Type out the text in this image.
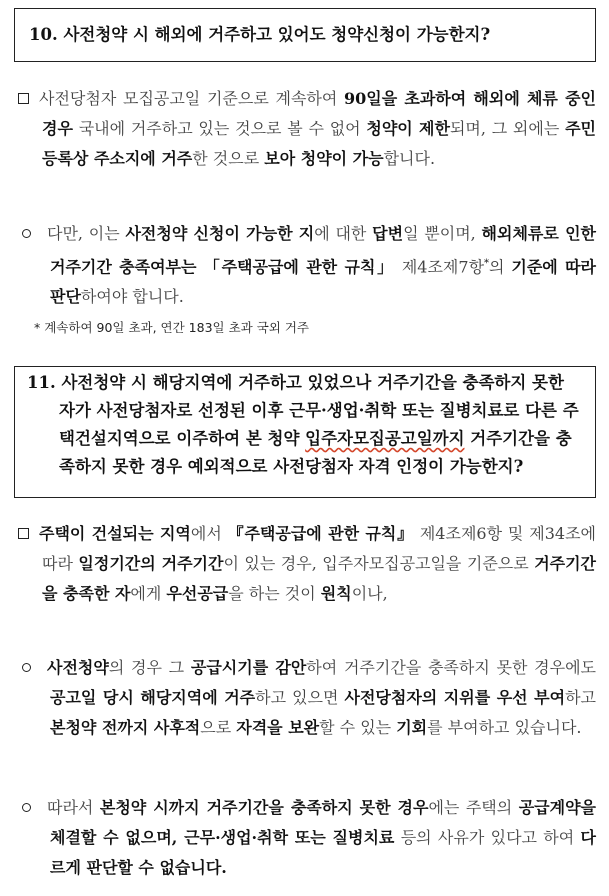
10. 사전청약 시 해외에 거주하고 있어도 청약신청이 가능한지?
사전당첨자 모집공고일 기준으로 계속하여 90일을 초과하여 해외에 체류 중인 경우 국내에 거주하고 있는 것으로 볼 수 없어 청약이 제한되며, 그 외에는 주민등록상 주소지에 거주한 것으로 보아 청약이 가능합니다.
다만, 이는 사전청약 신청이 가능한 지에 대한 답변일 뿐이며, 해외체류로 인한 거주기간 충족여부는 「주택공급에 관한 규칙」 제4조제7항*의 기준에 따라 판단하여야 합니다.
* 계속하여 90일 초과, 연간 183일 초과 국외 거주
11. 사전청약 시 해당지역에 거주하고 있었으나 거주기간을 충족하지 못한 자가 사전당첨자로 선정된 이후 근무·생업·취학 또는 질병치료로 다른 주택건설지역으로 이주하여 본 청약 입주자모집공고일까지 거주기간을 충족하지 못한 경우 예외적으로 사전당첨자 자격 인정이 가능한지?
주택이 건설되는 지역에서 『주택공급에 관한 규칙』 제4조제6항 및 제34조에 따라 일정기간의 거주기간이 있는 경우, 입주자모집공고일을 기준으로 거주기간을 충족한 자에게 우선공급을 하는 것이 원칙이나,
사전청약의 경우 그 공급시기를 감안하여 거주기간을 충족하지 못한 경우에도 공고일 당시 해당지역에 거주하고 있으면 사전당첨자의 지위를 우선 부여하고 본청약 전까지 사후적으로 자격을 보완할 수 있는 기회를 부여하고 있습니다.
따라서 본청약 시까지 거주기간을 충족하지 못한 경우에는 주택의 공급계약을 체결할 수 없으며, 근무·생업·취학 또는 질병치료 등의 사유가 있다고 하여 다르게 판단할 수 없습니다.
